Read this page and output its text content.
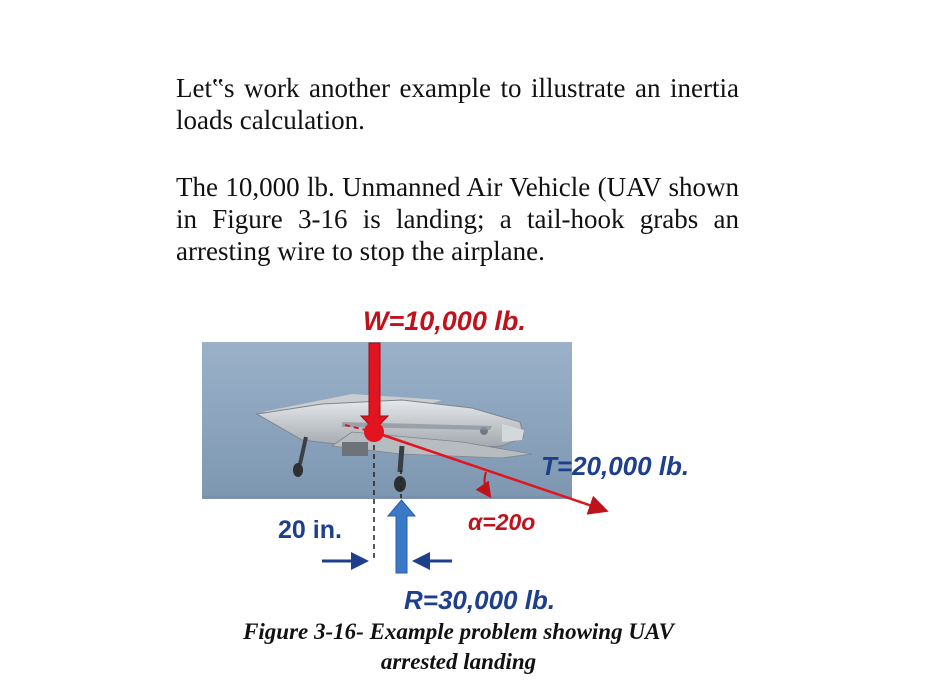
Let‟s work another example to illustrate an inertia loads calculation.

The 10,000 lb. Unmanned Air Vehicle (UAV shown in Figure 3-16 is landing; a tail-hook grabs an arresting wire to stop the airplane.

W=10,000 lb.
T=20,000 lb.
α=20o
20 in.
R=30,000 lb.
Figure 3-16- Example problem showing UAV
arrested landing
